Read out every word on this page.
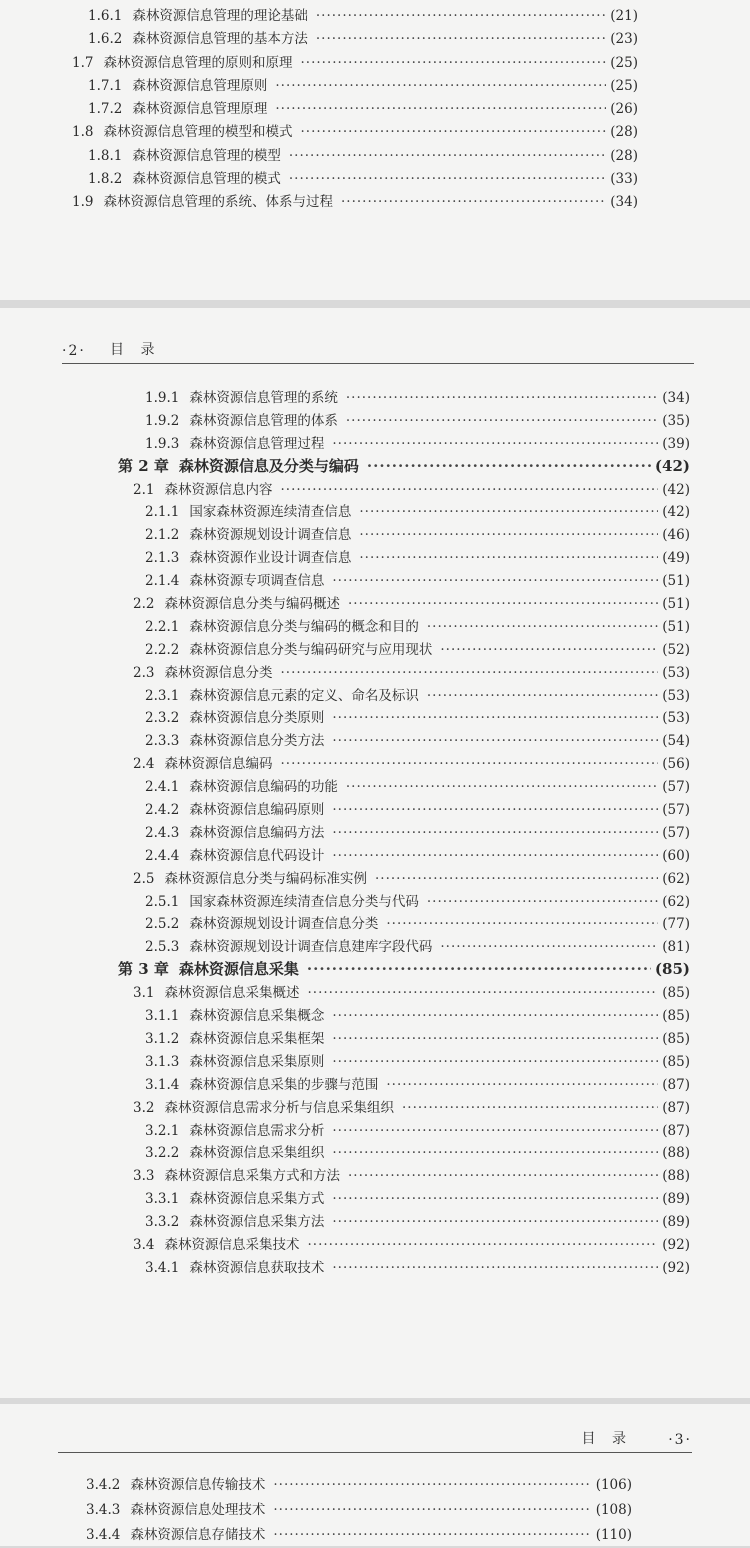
·2· 目 录
目 录	·3·
1.6.1 森林资源信息管理的理论基础 ·····	(21)
1.6.2 森林资源信息管理的基本方法 ·····	(23)
1.7 森林资源信息管理的原则和原理 ·····	(25)
1.7.1 森林资源信息管理原则 ·····	(25)
1.7.2 森林资源信息管理原理 ·····	(26)
1.8 森林资源信息管理的模型和模式 ·····	(28)
1.8.1 森林资源信息管理的模型 ·····	(28)
1.8.2 森林资源信息管理的模式 ·····	(33)
1.9 森林资源信息管理的系统、体系与过程 ·····	(34)
1.9.1 森林资源信息管理的系统 ·····	(34)
1.9.2 森林资源信息管理的体系 ·····	(35)
1.9.3 森林资源信息管理过程 ·····	(39)
第 2 章 森林资源信息及分类与编码 ·····	(42)
2.1 森林资源信息内容 ·····	(42)
2.1.1 国家森林资源连续清查信息 ·····	(42)
2.1.2 森林资源规划设计调查信息 ·····	(46)
2.1.3 森林资源作业设计调查信息 ·····	(49)
2.1.4 森林资源专项调查信息 ·····	(51)
2.2 森林资源信息分类与编码概述 ·····	(51)
2.2.1 森林资源信息分类与编码的概念和目的 ·····	(51)
2.2.2 森林资源信息分类与编码研究与应用现状 ·····	(52)
2.3 森林资源信息分类 ·····	(53)
2.3.1 森林资源信息元素的定义、命名及标识 ·····	(53)
2.3.2 森林资源信息分类原则 ·····	(53)
2.3.3 森林资源信息分类方法 ·····	(54)
2.4 森林资源信息编码 ·····	(56)
2.4.1 森林资源信息编码的功能 ·····	(57)
2.4.2 森林资源信息编码原则 ·····	(57)
2.4.3 森林资源信息编码方法 ·····	(57)
2.4.4 森林资源信息代码设计 ·····	(60)
2.5 森林资源信息分类与编码标准实例 ·····	(62)
2.5.1 国家森林资源连续清查信息分类与代码 ·····	(62)
2.5.2 森林资源规划设计调查信息分类 ·····	(77)
2.5.3 森林资源规划设计调查信息建库字段代码 ·····	(81)
第 3 章 森林资源信息采集 ·····	(85)
3.1 森林资源信息采集概述 ·····	(85)
3.1.1 森林资源信息采集概念 ·····	(85)
3.1.2 森林资源信息采集框架 ·····	(85)
3.1.3 森林资源信息采集原则 ·····	(85)
3.1.4 森林资源信息采集的步骤与范围 ·····	(87)
3.2 森林资源信息需求分析与信息采集组织 ·····	(87)
3.2.1 森林资源信息需求分析 ·····	(87)
3.2.2 森林资源信息采集组织 ·····	(88)
3.3 森林资源信息采集方式和方法 ·····	(88)
3.3.1 森林资源信息采集方式 ·····	(89)
3.3.2 森林资源信息采集方法 ·····	(89)
3.4 森林资源信息采集技术 ·····	(92)
3.4.1 森林资源信息获取技术 ·····	(92)
3.4.2 森林资源信息传输技术 ·····	(106)
3.4.3 森林资源信息处理技术 ·····	(108)
3.4.4 森林资源信息存储技术 ·····	(110)
